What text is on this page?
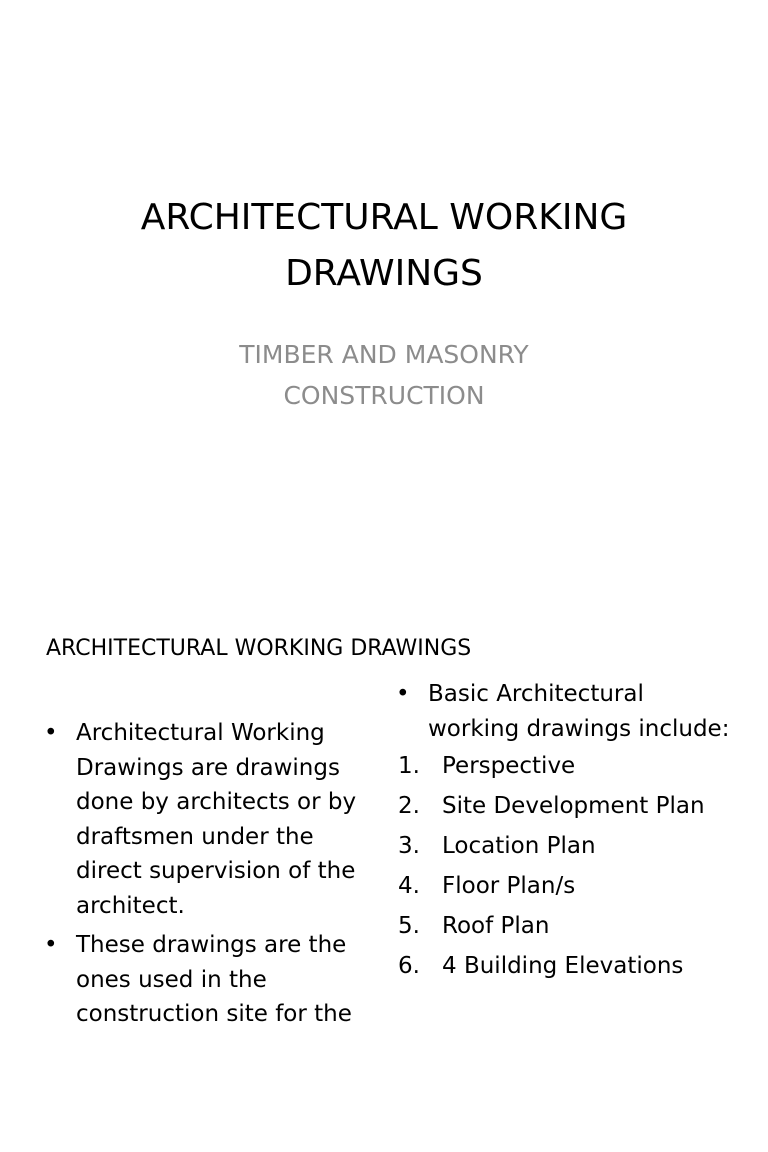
ARCHITECTURAL WORKING
DRAWINGS
TIMBER AND MASONRY
CONSTRUCTION
ARCHITECTURAL WORKING DRAWINGS
• Architectural Working Drawings are drawings done by architects or by draftsmen under the direct supervision of the architect.
• These drawings are the ones used in the construction site for the
• Basic Architectural working drawings include:
1. Perspective
2. Site Development Plan
3. Location Plan
4. Floor Plan/s
5. Roof Plan
6. 4 Building Elevations
